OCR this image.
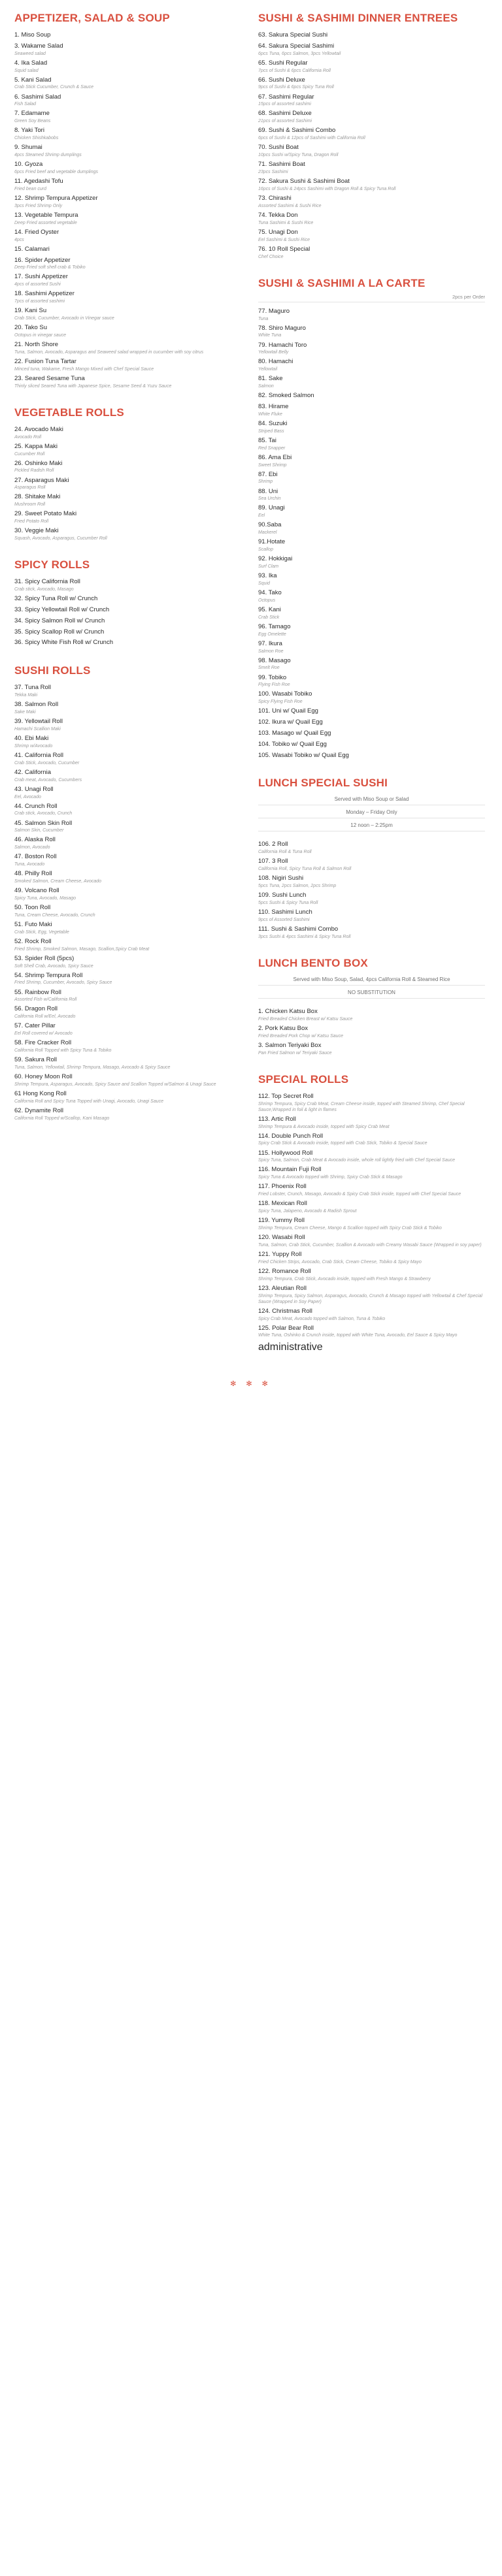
APPETIZER, SALAD & SOUP
1. Miso Soup
3. Wakame Salad
Seaweed salad
4. Ika Salad
Squid salad
5. Kani Salad
Crab Stick Cucumber, Crunch & Sauce
6. Sashimi Salad
Fish Salad
7. Edamame
Green Soy Beans
8. Yaki Tori
Chicken Shishkabobs
9. Shumai
4pcs Steamed Shrimp dumplings
10. Gyoza
6pcs Fried beef and vegetable dumplings
11. Agedashi Tofu
Fried bean curd
12. Shrimp Tempura Appetizer
3pcs Fried Shrimp Only
13. Vegetable Tempura
Deep Fried assorted vegetable
14. Fried Oyster
4pcs
15. Calamari
16. Spider Appetizer
Deep Fried soft shell crab & Tobiko
17. Sushi Appetizer
4pcs of assorted Sushi
18. Sashimi Appetizer
7pcs of assorted sashimi
19. Kani Su
Crab Stick, Cucumber, Avocado in Vinegar sauce
20. Tako Su
Octopus in vinegar sauce
21. North Shore
Tuna, Salmon, Avocado, Asparagus and Seaweed salad wrapped in cucumber with soy citrus
22. Fusion Tuna Tartar
Minced tuna, Wakame, Fresh Mango Mixed with Chef Special Sauce
23. Seared Sesame Tuna
Thinly sliced Seared Tuna with Japanese Spice, Sesame Seed & Yuzu Sauce
VEGETABLE ROLLS
24. Avocado Maki
Avocado Roll
25. Kappa Maki
Cucumber Roll
26. Oshinko Maki
Pickled Radish Roll
27. Asparagus Maki
Asparagus Roll
28. Shitake Maki
Mushroom Roll
29. Sweet Potato Maki
Fried Potato Roll
30. Veggie Maki
Squash, Avocado, Asparagus, Cucumber Roll
SPICY ROLLS
31. Spicy California Roll
Crab stick, Avocado, Masago
32. Spicy Tuna Roll w/ Crunch
33. Spicy Yellowtail Roll w/ Crunch
34. Spicy Salmon Roll w/ Crunch
35. Spicy Scallop Roll w/ Crunch
36. Spicy White Fish Roll w/ Crunch
SUSHI ROLLS
37. Tuna Roll
Tekka Maki
38. Salmon Roll
Sake Maki
39. Yellowtail Roll
Hamachi Scallion Maki
40. Ebi Maki
Shrimp w/Avocado
41. California Roll
Crab Stick, Avocado, Cucumber
42. California
Crab meat, Avocado, Cucumbers
43. Unagi Roll
Eel, Avocado
44. Crunch Roll
Crab stick, Avocado, Crunch
45. Salmon Skin Roll
Salmon Skin, Cucumber
46. Alaska Roll
Salmon, Avocado
47. Boston Roll
Tuna, Avocado
48. Philly Roll
Smoked Salmon, Cream Cheese, Avocado
49. Volcano Roll
Spicy Tuna, Avocado, Masago
50. Toon Roll
Tuna, Cream Cheese, Avocado, Crunch
51. Futo Maki
Crab Stick, Egg, Vegetable
52. Rock Roll
Fried Shrimp, Smoked Salmon, Masago, Scallion,Spicy Crab Meat
53. Spider Roll (5pcs)
Soft Shell Crab, Avocado, Spicy Sauce
54. Shrimp Tempura Roll
Fried Shrimp, Cucumber, Avocado, Spicy Sauce
55. Rainbow Roll
Assorted Fish w/California Roll
56. Dragon Roll
California Roll w/Eel, Avocado
57. Cater Pillar
Eel Roll covered w/ Avocado
58. Fire Cracker Roll
California Roll Topped with Spicy Tuna & Tobiko
59. Sakura Roll
Tuna, Salmon, Yellowtail, Shrimp Tempura, Masago, Avocado & Spicy Sauce
60. Honey Moon Roll
Shrimp Tempura, Asparagus, Avocado, Spicy Sauce and Scallion Topped w/Salmon & Unagi Sauce
61 Hong Kong Roll
California Roll and Spicy Tuna Topped with Unagi, Avocado, Unagi Sauce
62. Dynamite Roll
California Roll Topped w/Scallop, Kani Masago
SUSHI & SASHIMI DINNER ENTREES
63. Sakura Special Sushi
64. Sakura Special Sashimi
6pcs Tuna, 6pcs Salmon, 3pcs Yellowtail
65. Sushi Regular
7pcs of Sushi & 6pcs California Roll
66. Sushi Deluxe
9pcs of Sushi & 6pcs Spicy Tuna Roll
67. Sashimi Regular
15pcs of assorted sashimi
68. Sashimi Deluxe
21pcs of assorted Sashimi
69. Sushi & Sashimi Combo
6pcs of Sushi & 12pcs of Sashimi with California Roll
70. Sushi Boat
10pcs Sushi w/Spicy Tuna, Dragon Roll
71. Sashimi Boat
23pcs Sashimi
72. Sakura Sushi & Sashimi Boat
16pcs of Sushi & 24pcs Sashimi with Dragon Roll & Spicy Tuna Roll
73. Chirashi
Assorted Sashimi & Sushi Rice
74. Tekka Don
Tuna Sashimi & Sushi Rice
75. Unagi Don
Eel Sashimi & Sushi Rice
76. 10 Roll Special
Chef Choice
SUSHI & SASHIMI A LA CARTE
2pcs per Order
77. Maguro
Tuna
78. Shiro Maguro
White Tuna
79. Hamachi Toro
Yellowtail Belly
80. Hamachi
Yellowtail
81. Sake
Salmon
82. Smoked Salmon
83. Hirame
White Fluke
84. Suzuki
Striped Bass
85. Tai
Red Snapper
86. Ama Ebi
Sweet Shrimp
87. Ebi
Shrimp
88. Uni
Sea Urchin
89. Unagi
Eel
90.Saba
Mackerel
91.Hotate
Scallop
92. Hokkigai
Surf Clam
93. Ika
Squid
94. Tako
Octopus
95. Kani
Crab Stick
96. Tamago
Egg Omelette
97. Ikura
Salmon Roe
98. Masago
Smelt Roe
99. Tobiko
Flying Fish Roe
100. Wasabi Tobiko
Spicy Flying Fish Roe
101. Uni w/ Quail Egg
102. Ikura w/ Quail Egg
103. Masago w/ Quail Egg
104. Tobiko w/ Quail Egg
105. Wasabi Tobiko w/ Quail Egg
LUNCH SPECIAL SUSHI
Served with Miso Soup or Salad
Monday – Friday Only
12 noon – 2:25pm
106. 2 Roll
California Roll & Tuna Roll
107. 3 Roll
California Roll, Spicy Tuna Roll & Salmon Roll
108. Nigiri Sushi
5pcs Tuna, 2pcs Salmon, 2pcs Shrimp
109. Sushi Lunch
5pcs Sushi & Spicy Tuna Roll
110. Sashimi Lunch
9pcs of Assorted Sashimi
111. Sushi & Sashimi Combo
3pcs Sushi & 4pcs Sashimi & Spicy Tuna Roll
LUNCH BENTO BOX
Served with Miso Soup, Salad, 4pcs California Roll & Steamed Rice
NO SUBSTITUTION
1. Chicken Katsu Box
Fried Breaded Chicken Breast w/ Katsu Sauce
2. Pork Katsu Box
Fried Breaded Pork Chop w/ Katsu Sauce
3. Salmon Teriyaki Box
Pan Fried Salmon w/ Teriyaki Sauce
SPECIAL ROLLS
112. Top Secret Roll
Shrimp Tempura, Spicy Crab Meat, Cream Cheese inside, topped with Steamed Shrimp, Chef Special Sauce,Wrapped in foil & light in flames
113. Artic Roll
Shrimp Tempura & Avocado inside, topped with Spicy Crab Meat
114. Double Punch Roll
Spicy Crab Stick & Avocado inside, topped with Crab Stick, Tobiko & Special Sauce
115. Hollywood Roll
Spicy Tuna, Salmon, Crab Meat & Avocado inside, whole roll lightly fried with Chef Special Sauce
116. Mountain Fuji Roll
Spicy Tuna & Avocado topped with Shrimp, Spicy Crab Stick & Masago
117. Phoenix Roll
Fried Lobster, Crunch, Masago, Avocado & Spicy Crab Stick inside, topped with Chef Special Sauce
118. Mexican Roll
Spicy Tuna, Jalapeno, Avocado & Radish Sprout
119. Yummy Roll
Shrimp Tempura, Cream Cheese, Mango & Scallion topped with Spicy Crab Stick & Tobiko
120. Wasabi Roll
Tuna, Salmon, Crab Stick, Cucumber, Scallion & Avocado with Creamy Wasabi Sauce (Wrapped in soy paper)
121. Yuppy Roll
Fried Chicken Strips, Avocado, Crab Stick, Cream Cheese, Tobiko & Spicy Mayo
122. Romance Roll
Shrimp Tempura, Crab Stick, Avocado inside, topped with Fresh Mango & Strawberry
123. Aleutian Roll
Shrimp Tempura, Spicy Salmon, Asparagus, Avocado, Crunch & Masago topped with Yellowtail & Chef Special Sauce (Wrapped in Soy Paper)
124. Christmas Roll
Spicy Crab Meat, Avocado topped with Salmon, Tuna & Tobiko
125. Polar Bear Roll
White Tuna, Oshinko & Crunch inside, topped with White Tuna, Avocado, Eel Sauce & Spicy Mayo
administrative
✻ ✻ ✻
